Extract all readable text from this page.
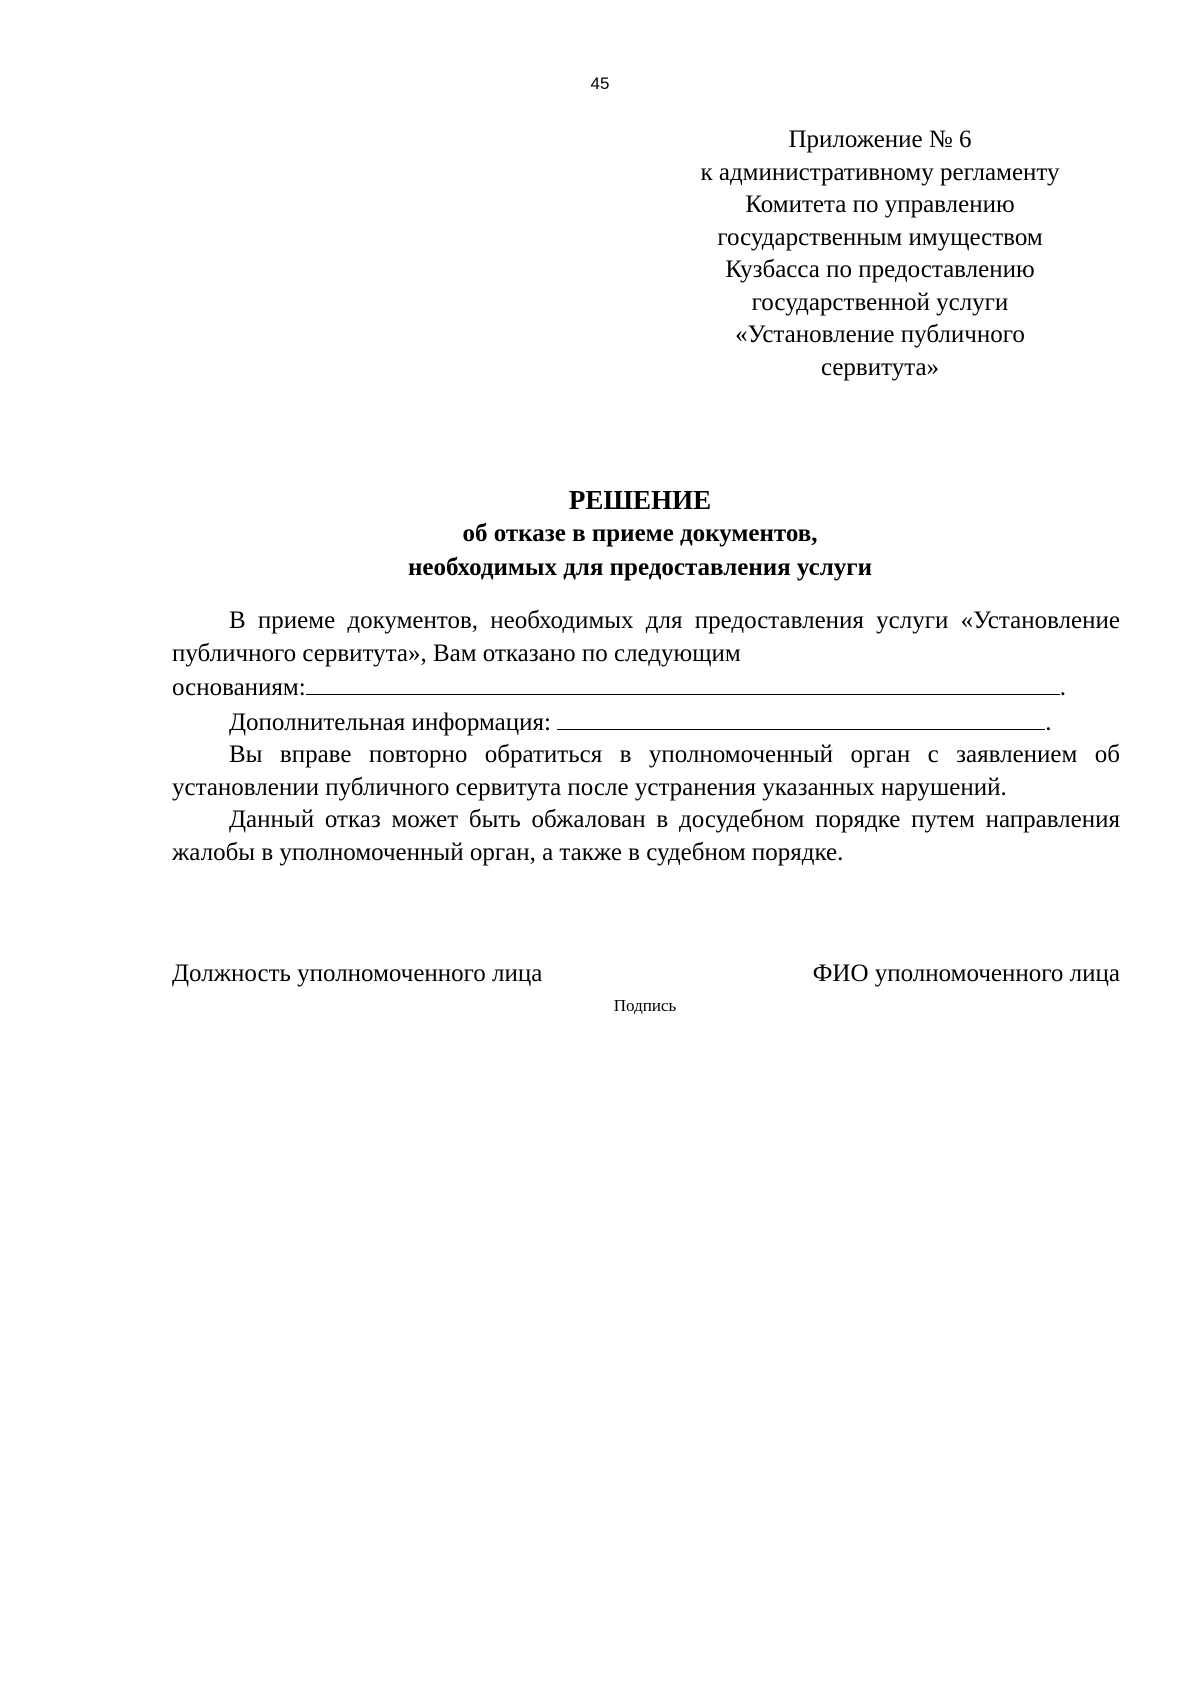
45
Приложение № 6
к административному регламенту
Комитета по управлению
государственным имуществом
Кузбасса по предоставлению
государственной услуги
«Установление публичного
сервитута»
РЕШЕНИЕ
об отказе в приеме документов,
необходимых для предоставления услуги

В приеме документов, необходимых для предоставления услуги «Установление публичного сервитута», Вам отказано по следующим

основаниям:	.
Дополнительная информация:	.

Вы вправе повторно обратиться в уполномоченный орган с заявлением об установлении публичного сервитута после устранения указанных нарушений.

Данный отказ может быть обжалован в досудебном порядке путем направления жалобы в уполномоченный орган, а также в судебном порядке.

Должность уполномоченного лица	ФИО уполномоченного лица
Подпись
